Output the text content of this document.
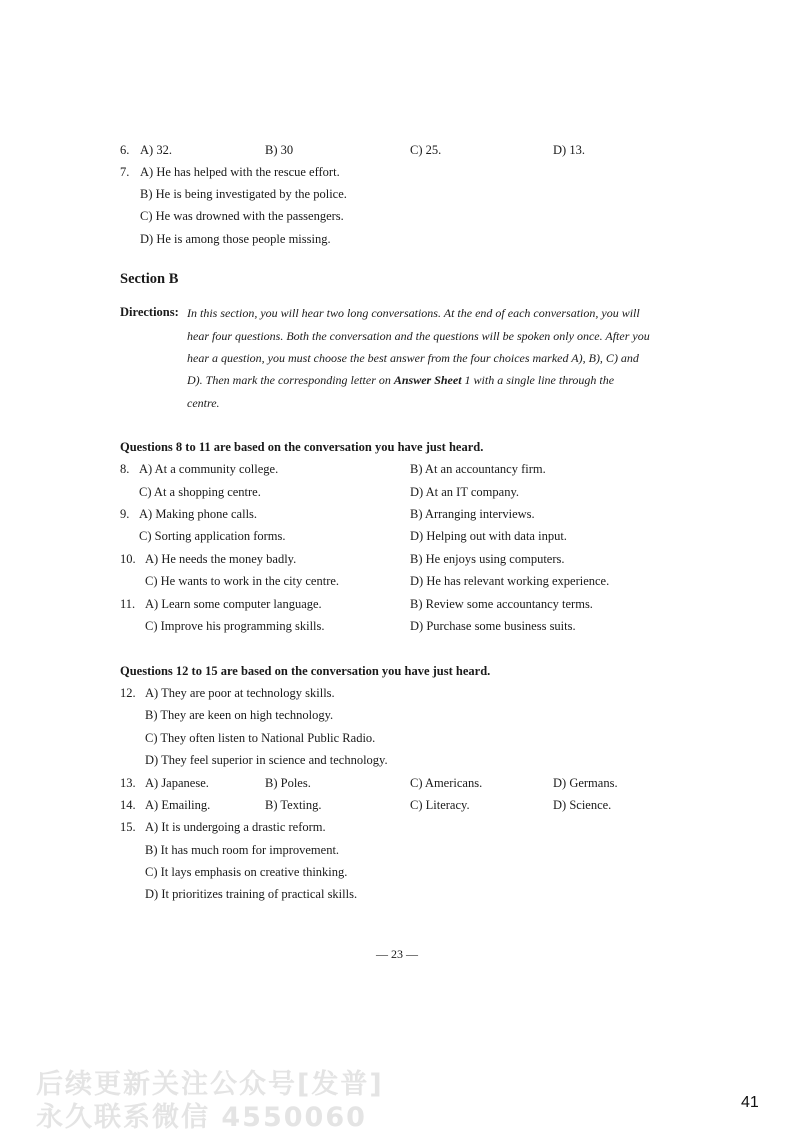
6. A) 32.	B) 30	C) 25.	D) 13.
7. A) He has helped with the rescue effort.
B) He is being investigated by the police.
C) He was drowned with the passengers.
D) He is among those people missing.
Section B
Directions: In this section, you will hear two long conversations. At the end of each conversation, you will
hear four questions. Both the conversation and the questions will be spoken only once. After you
hear a question, you must choose the best answer from the four choices marked A), B), C) and
D). Then mark the corresponding letter on Answer Sheet 1 with a single line through the
centre.
Questions 8 to 11 are based on the conversation you have just heard.
8. A) At a community college.	B) At an accountancy firm.
C) At a shopping centre.	D) At an IT company.
9. A) Making phone calls.	B) Arranging interviews.
C) Sorting application forms.	D) Helping out with data input.
10. A) He needs the money badly.	B) He enjoys using computers.
C) He wants to work in the city centre.	D) He has relevant working experience.
11. A) Learn some computer language.	B) Review some accountancy terms.
C) Improve his programming skills.	D) Purchase some business suits.
Questions 12 to 15 are based on the conversation you have just heard.
12. A) They are poor at technology skills.
B) They are keen on high technology.
C) They often listen to National Public Radio.
D) They feel superior in science and technology.
13. A) Japanese.	B) Poles.	C) Americans.	D) Germans.
14. A) Emailing.	B) Texting.	C) Literacy.	D) Science.
15. A) It is undergoing a drastic reform.
B) It has much room for improvement.
C) It lays emphasis on creative thinking.
D) It prioritizes training of practical skills.
— 23 —
后续更新关注公众号[发普]
永久联系微信 4550060	41
